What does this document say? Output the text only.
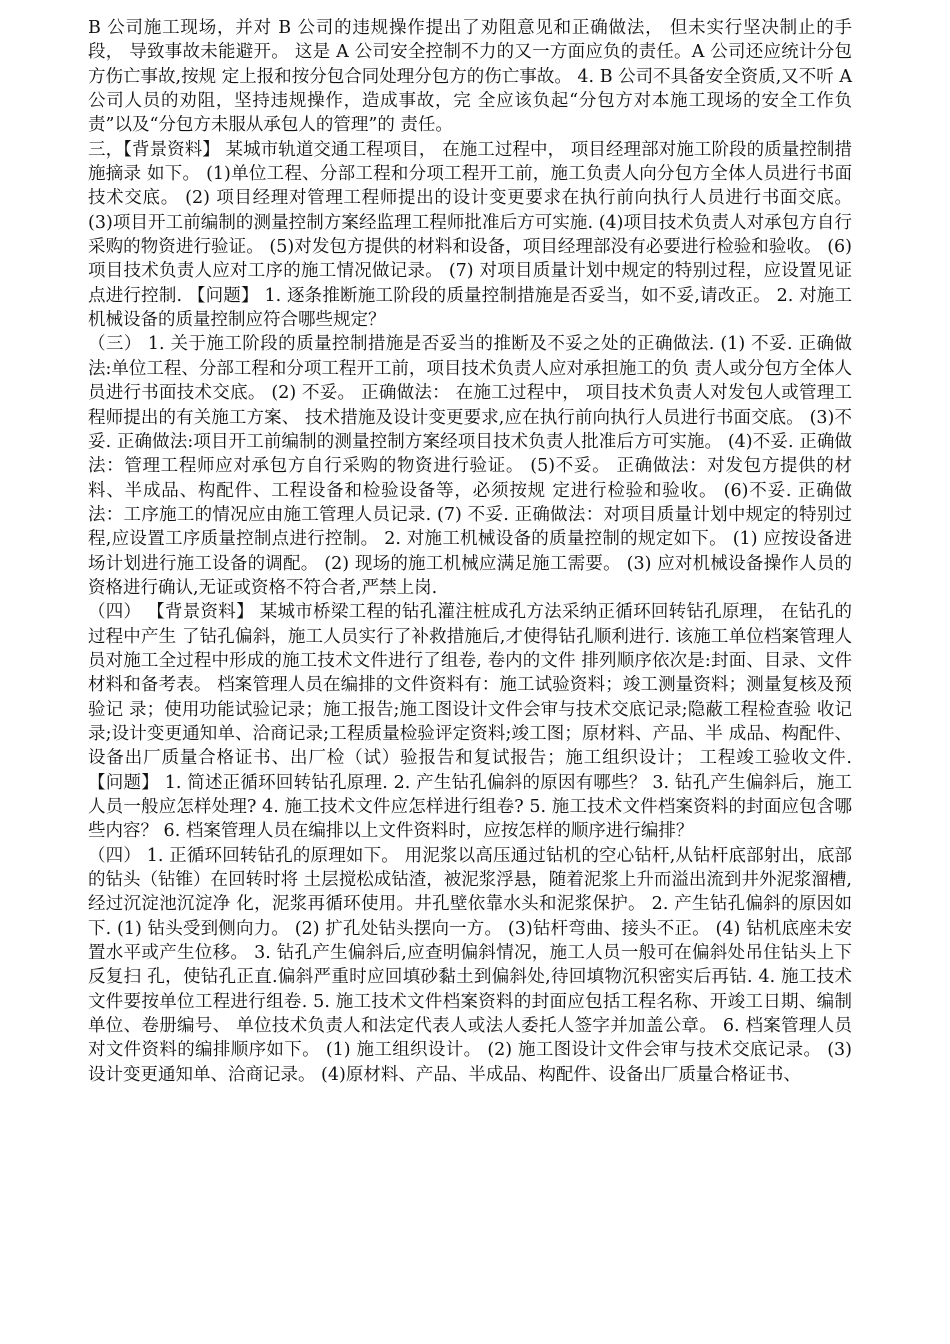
B 公司施工现场，并对 B 公司的违规操作提出了劝阻意见和正确做法， 但未实行坚决制止的手段， 导致事故未能避开。 这是 A 公司安全控制不力的又一方面应负的责任。A 公司还应统计分包方伤亡事故,按规 定上报和按分包合同处理分包方的伤亡事故。 4. B 公司不具备安全资质,又不听 A 公司人员的劝阻，坚持违规操作，造成事故，完 全应该负起“分包方对本施工现场的安全工作负责”以及“分包方未服从承包人的管理”的 责任。

三，【背景资料】 某城市轨道交通工程项目， 在施工过程中， 项目经理部对施工阶段的质量控制措施摘录 如下。 (1)单位工程、分部工程和分项工程开工前，施工负责人向分包方全体人员进行书面 技术交底。 (2) 项目经理对管理工程师提出的设计变更要求在执行前向执行人员进行书面交底。 (3)项目开工前编制的测量控制方案经监理工程师批准后方可实施. (4)项目技术负责人对承包方自行采购的物资进行验证。 (5)对发包方提供的材料和设备，项目经理部没有必要进行检验和验收。 (6)项目技术负责人应对工序的施工情况做记录。 (7) 对项目质量计划中规定的特别过程，应设置见证点进行控制. 【问题】 1. 逐条推断施工阶段的质量控制措施是否妥当，如不妥,请改正。 2. 对施工机械设备的质量控制应符合哪些规定？

（三） 1. 关于施工阶段的质量控制措施是否妥当的推断及不妥之处的正确做法. (1) 不妥. 正确做法:单位工程、分部工程和分项工程开工前，项目技术负责人应对承担施工的负 责人或分包方全体人员进行书面技术交底。 (2) 不妥。 正确做法： 在施工过程中， 项目技术负责人对发包人或管理工程师提出的有关施工方案、 技术措施及设计变更要求,应在执行前向执行人员进行书面交底。 (3)不妥. 正确做法:项目开工前编制的测量控制方案经项目技术负责人批准后方可实施。 (4)不妥. 正确做法：管理工程师应对承包方自行采购的物资进行验证。 (5)不妥。 正确做法：对发包方提供的材料、半成品、构配件、工程设备和检验设备等，必须按规 定进行检验和验收。 (6)不妥. 正确做法：工序施工的情况应由施工管理人员记录. (7) 不妥. 正确做法：对项目质量计划中规定的特别过程,应设置工序质量控制点进行控制。 2. 对施工机械设备的质量控制的规定如下。 (1) 应按设备进场计划进行施工设备的调配。 (2) 现场的施工机械应满足施工需要。 (3) 应对机械设备操作人员的资格进行确认,无证或资格不符合者,严禁上岗.

（四） 【背景资料】 某城市桥梁工程的钻孔灌注桩成孔方法采纳正循环回转钻孔原理， 在钻孔的过程中产生 了钻孔偏斜，施工人员实行了补救措施后,才使得钻孔顺利进行. 该施工单位档案管理人员对施工全过程中形成的施工技术文件进行了组卷, 卷内的文件 排列顺序依次是:封面、目录、文件材料和备考表。 档案管理人员在编排的文件资料有：施工试验资料；竣工测量资料；测量复核及预验记 录；使用功能试验记录；施工报告;施工图设计文件会审与技术交底记录;隐蔽工程检查验 收记录;设计变更通知单、洽商记录;工程质量检验评定资料;竣工图；原材料、产品、半 成品、构配件、设备出厂质量合格证书、出厂检（试）验报告和复试报告；施工组织设计； 工程竣工验收文件. 【问题】 1. 简述正循环回转钻孔原理. 2. 产生钻孔偏斜的原因有哪些？ 3. 钻孔产生偏斜后，施工人员一般应怎样处理? 4. 施工技术文件应怎样进行组卷? 5. 施工技术文件档案资料的封面应包含哪些内容？ 6. 档案管理人员在编排以上文件资料时，应按怎样的顺序进行编排？

（四） 1. 正循环回转钻孔的原理如下。 用泥浆以高压通过钻机的空心钻杆,从钻杆底部射出，底部的钻头（钻锥）在回转时将 土层搅松成钻渣，被泥浆浮悬，随着泥浆上升而溢出流到井外泥浆溜槽,经过沉淀池沉淀净 化，泥浆再循环使用。井孔壁依靠水头和泥浆保护。 2. 产生钻孔偏斜的原因如下. (1) 钻头受到侧向力。 (2) 扩孔处钻头摆向一方。 (3)钻杆弯曲、接头不正。 (4) 钻机底座未安置水平或产生位移。 3. 钻孔产生偏斜后,应查明偏斜情况，施工人员一般可在偏斜处吊住钻头上下反复扫 孔，使钻孔正直.偏斜严重时应回填砂黏土到偏斜处,待回填物沉积密实后再钻. 4. 施工技术文件要按单位工程进行组卷. 5. 施工技术文件档案资料的封面应包括工程名称、开竣工日期、编制单位、卷册编号、 单位技术负责人和法定代表人或法人委托人签字并加盖公章。 6. 档案管理人员对文件资料的编排顺序如下。 (1) 施工组织设计。 (2) 施工图设计文件会审与技术交底记录。 (3)设计变更通知单、洽商记录。 (4)原材料、产品、半成品、构配件、设备出厂质量合格证书、
